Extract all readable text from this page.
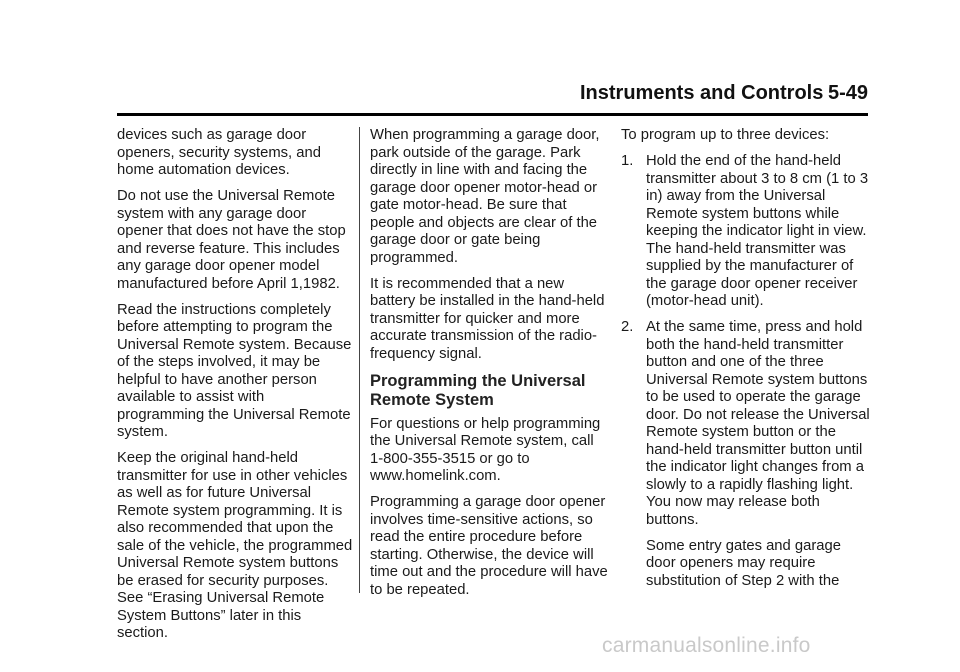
Instruments and Controls 5-49

devices such as garage door openers, security systems, and home automation devices.

Do not use the Universal Remote system with any garage door opener that does not have the stop and reverse feature. This includes any garage door opener model manufactured before April 1,1982.

Read the instructions completely before attempting to program the Universal Remote system. Because of the steps involved, it may be helpful to have another person available to assist with programming the Universal Remote system.

Keep the original hand-held transmitter for use in other vehicles as well as for future Universal Remote system programming. It is also recommended that upon the sale of the vehicle, the programmed Universal Remote system buttons be erased for security purposes. See “Erasing Universal Remote System Buttons” later in this section.

When programming a garage door, park outside of the garage. Park directly in line with and facing the garage door opener motor-head or gate motor-head. Be sure that people and objects are clear of the garage door or gate being programmed.

It is recommended that a new battery be installed in the hand-held transmitter for quicker and more accurate transmission of the radio-frequency signal.

Programming the Universal Remote System

For questions or help programming the Universal Remote system, call 1-800-355-3515 or go to www.homelink.com.

Programming a garage door opener involves time-sensitive actions, so read the entire procedure before starting. Otherwise, the device will time out and the procedure will have to be repeated.

To program up to three devices:

1. Hold the end of the hand-held transmitter about 3 to 8 cm (1 to 3 in) away from the Universal Remote system buttons while keeping the indicator light in view. The hand-held transmitter was supplied by the manufacturer of the garage door opener receiver (motor-head unit).
2. At the same time, press and hold both the hand-held transmitter button and one of the three Universal Remote system buttons to be used to operate the garage door. Do not release the Universal Remote system button or the hand-held transmitter button until the indicator light changes from a slowly to a rapidly flashing light. You now may release both buttons.

Some entry gates and garage door openers may require substitution of Step 2 with the

carmanualsonline.info
